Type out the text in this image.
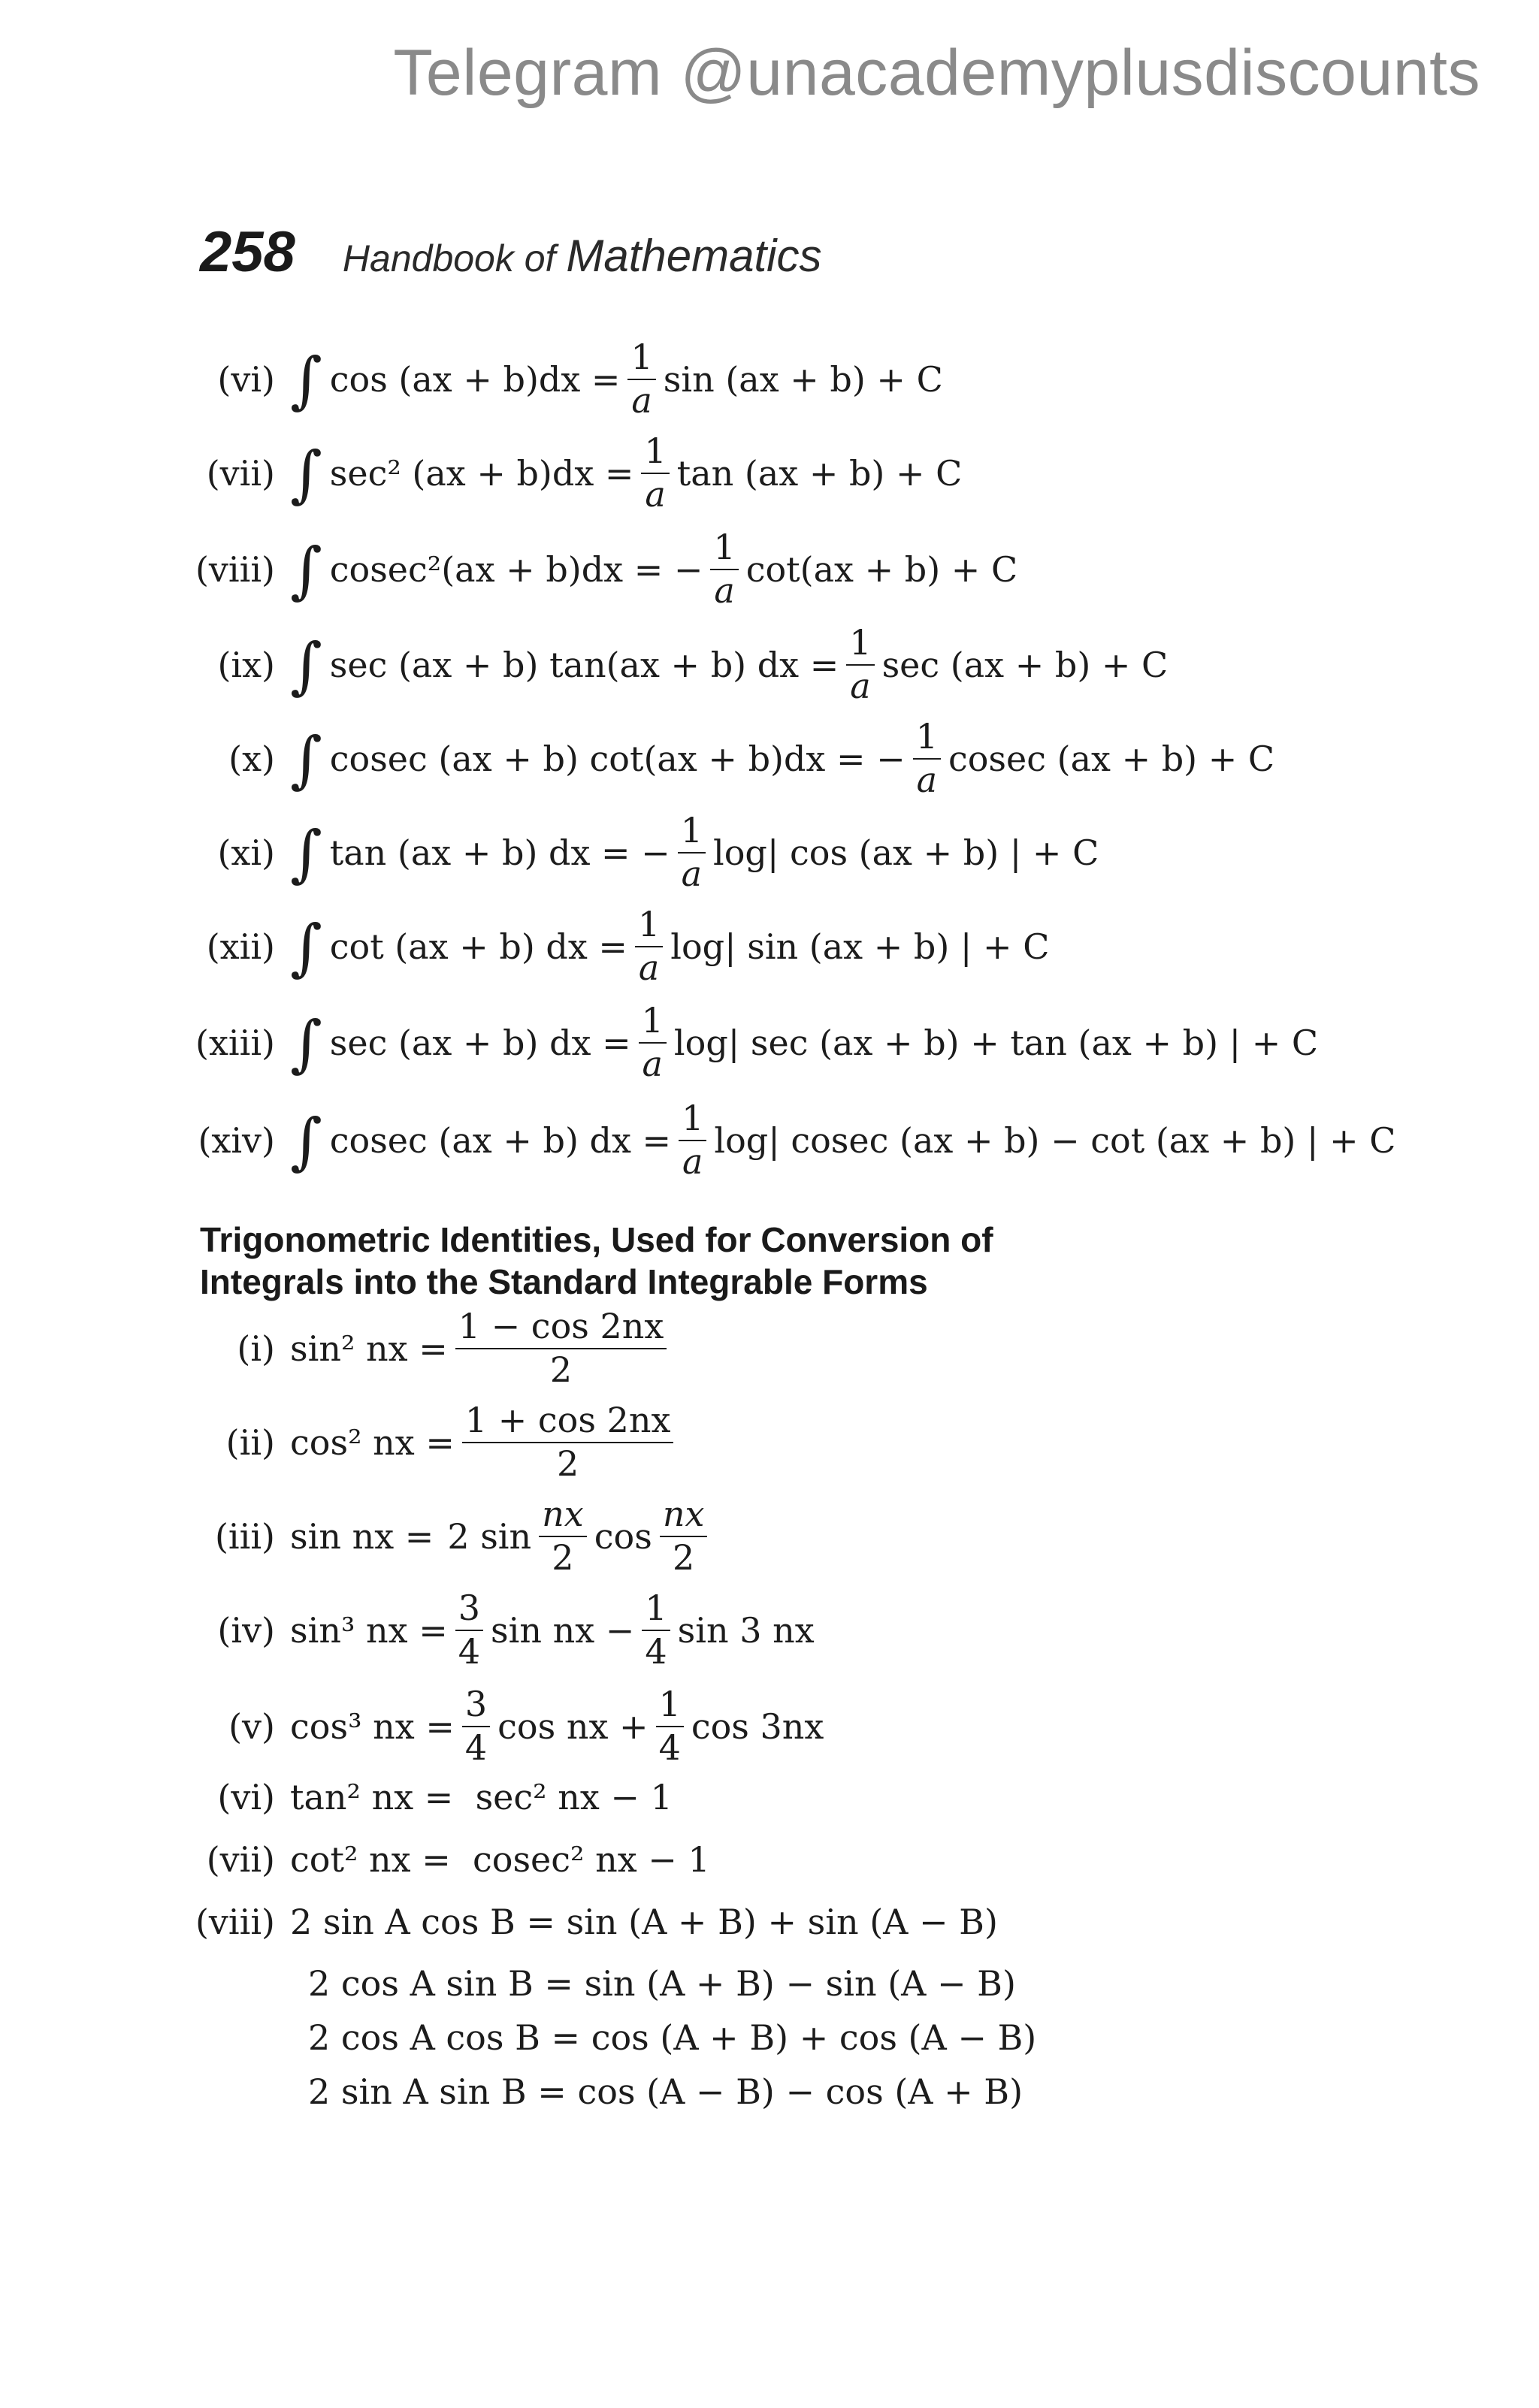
Telegram @unacademyplusdiscounts
258 Handbook of Mathematics
(vi) ∫ $\cos (ax + b)dx = \frac{1}{a}$ sin (ax + b) + C
(vii) ∫ sec² $(ax + b)dx = \frac{1}{a}$ tan (ax + b) + C
(viii) ∫ cosec²(ax + b)dx = − $\frac{1}{a} \cot(ax + b) + C$
(ix) ∫ sec (ax + b) tan(ax + b) dx = $\frac{1}{a}$ sec (ax + b) + C
(x) ∫ cosec (ax + b) cot(ax + b)dx = − $\frac{1}{a}$ cosec (ax + b) + C
(xi) ∫ tan (ax + b) dx = − $\frac{1}{a} \log|$ cos (ax + b) | + C
(xii) ∫ cot (ax + b) dx = $\frac{1}{a} \log|$ sin (ax + b) | + C
(xiii) ∫ sec (ax + b) dx = $\frac{1}{a} \log|$ sec (ax + b) + tan (ax + b) | + C
(xiv) ∫ cosec (ax + b) dx = $\frac{1}{a} \log|$ cosec (ax + b) − cot (ax + b) | + C
Trigonometric Identities, Used for Conversion of
Integrals into the Standard Integrable Forms
(i) sin² nx = $\frac{1 - \cos 2nx}{2}$
(ii) cos² nx = $\frac{1 + \cos 2nx}{2}$
(iii) sin nx = 2 $\sin \frac{nx}{2}$ $\cos \frac{nx}{2}$
(iv) sin³ nx = $\frac{3}{4}$ sin nx − $\frac{1}{4}$ sin 3 nx
(v) cos³ nx = $\frac{3}{4}$ cos nx + $\frac{1}{4}$ cos 3nx
(vi) tan² nx =  sec² nx − 1
(vii) cot² nx =  cosec² nx − 1
(viii) 2 sin A cos B = sin (A + B) + sin (A − B)
2 cos A sin B = sin (A + B) − sin (A − B)
2 cos A cos B = cos (A + B) + cos (A − B)
2 sin A sin B = cos (A − B) − cos (A + B)
